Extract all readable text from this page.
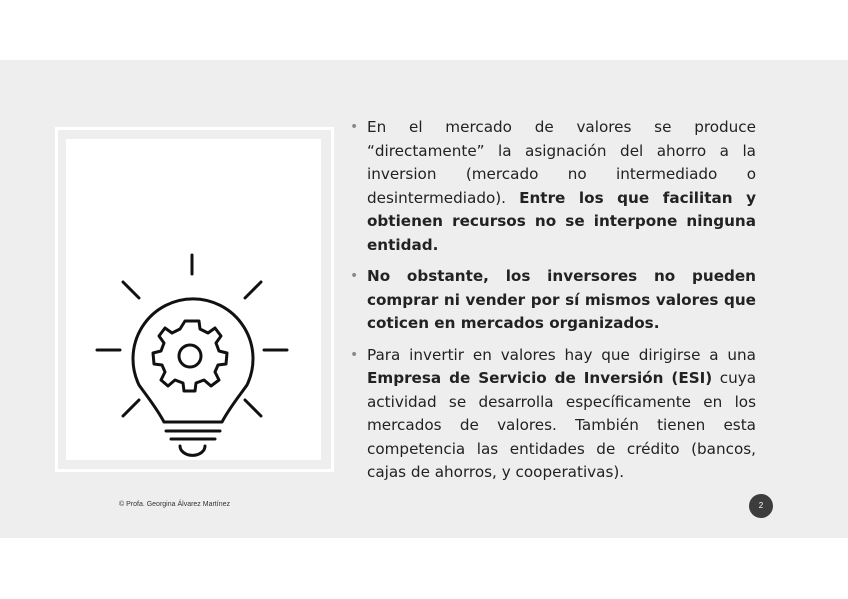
• En el mercado de valores se produce “directamente” la asignación del ahorro a la inversion (mercado no intermediado o desintermediado). Entre los que facilitan y obtienen recursos no se interpone ninguna entidad.
• No obstante, los inversores no pueden comprar ni vender por sí mismos valores que coticen en mercados organizados.
• Para invertir en valores hay que dirigirse a una Empresa de Servicio de Inversión (ESI) cuya actividad se desarrolla específicamente en los mercados de valores. También tienen esta competencia las entidades de crédito (bancos, cajas de ahorros, y cooperativas).
© Profa. Georgina Álvarez Martínez	2
